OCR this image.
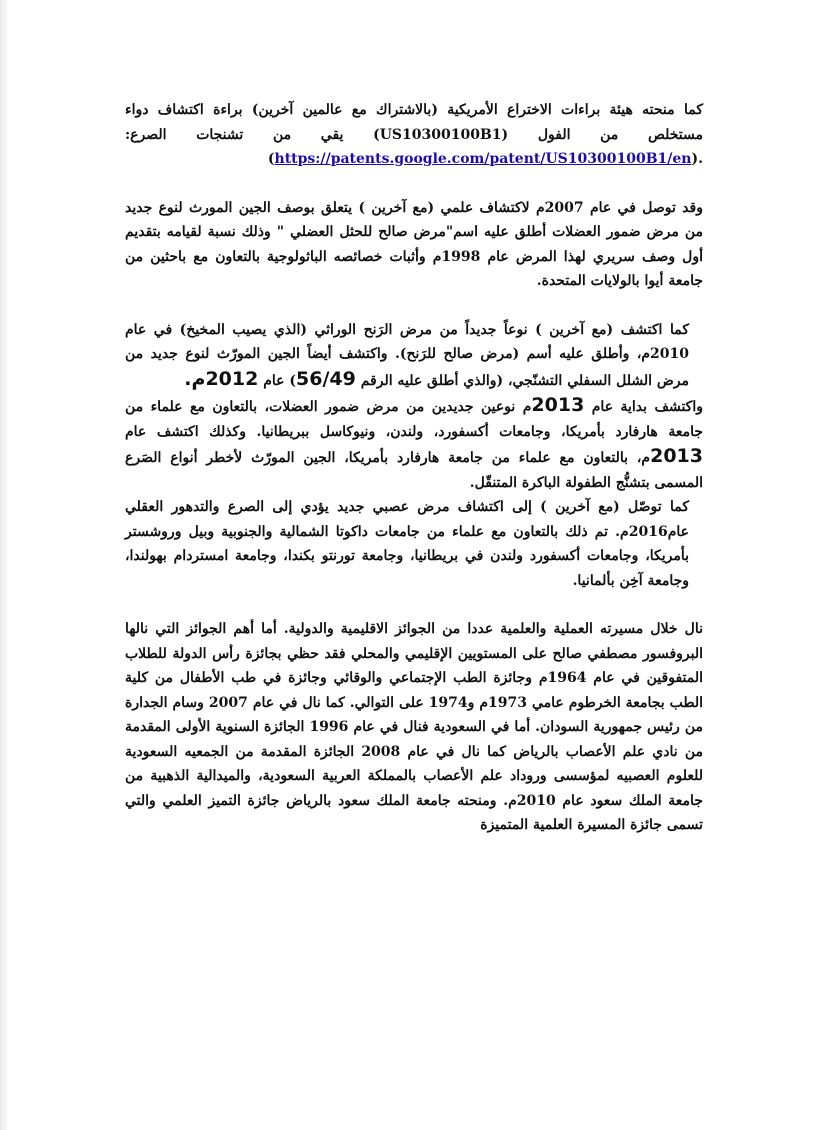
كما منحته هيئة براءات الاختراع الأمريكية (بالاشتراك مع عالمين آخرين) براءة اكتشاف دواء مستخلص من الفول (US10300100B1) يقي من تشنجات الصرع: (https://patents.google.com/patent/US10300100B1/en).

وقد توصل في عام 2007م لاكتشاف علمي (مع آخرين ) يتعلق بوصف الجين المورث لنوع جديد من مرض ضمور العضلات أطلق عليه اسم"مرض صالح للحثل العضلي " وذلك نسبة لقيامه بتقديم أول وصف سريري لهذا المرض عام 1998م وأثبات خصائصه الباثولوجية بالتعاون مع باحثين من جامعة أيوا بالولايات المتحدة.

كما اكتشف (مع آخرين ) نوعاً جديداً من مرض الرَنح الوراثي (الذي يصيب المخيخ) في عام 2010م، وأطلق عليه أسم (مرض صالح للرَنح). واكتشف أيضاً الجين المورّث لنوع جديد من مرض الشلل السفلي التشنّجي، (والذي أطلق عليه الرقم 56/49) عام 2012م.

واكتشف بداية عام 2013م نوعين جديدين من مرض ضمور العضلات، بالتعاون مع علماء من جامعة هارفارد بأمريكا، وجامعات أكسفورد، ولندن، ونيوكاسل ببريطانيا. وكذلك اكتشف عام 2013م، بالتعاون مع علماء من جامعة هارفارد بأمريكا، الجين المورّث لأخطر أنواع الصَرع المسمى بتشنُّج الطفولة الباكرة المتنقّل.

كما توصّل (مع آخرين ) إلى اكتشاف مرض عصبي جديد يؤدي إلى الصرع والتدهور العقلي عام2016م. تم ذلك بالتعاون مع علماء من جامعات داكوتا الشمالية والجنوبية وبيل وروشستر بأمريكا، وجامعات أكسفورد ولندن في بريطانيا، وجامعة تورنتو بكندا، وجامعة امستردام بهولندا، وجامعة آخِن بألمانيا.

نال خلال مسيرته العملية والعلمية عددا من الجوائز الاقليمية والدولية. أما أهم الجوائز التي نالها البروفسور مصطفي صالح على المستويين الإقليمي والمحلي فقد حظي بجائزة رأس الدولة للطلاب المتفوقين في عام 1964م وجائزة الطب الإجتماعي والوقائي وجائزة في طب الأطفال من كلية الطب بجامعة الخرطوم عامي 1973م و1974 على التوالي. كما نال في عام 2007 وسام الجدارة من رئيس جمهورية السودان. أما في السعودية فنال في عام 1996 الجائزة السنوية الأولى المقدمة من نادي علم الأعصاب بالرياض كما نال في عام 2008 الجائزة المقدمة من الجمعيه السعودية للعلوم العصبيه لمؤسسى وروداد علم الأعصاب بالمملكة العربية السعودية، والميدالية الذهبية من جامعة الملك سعود عام 2010م. ومنحته جامعة الملك سعود بالرياض جائزة التميز العلمي والتي تسمى جائزة المسيرة العلمية المتميزة
